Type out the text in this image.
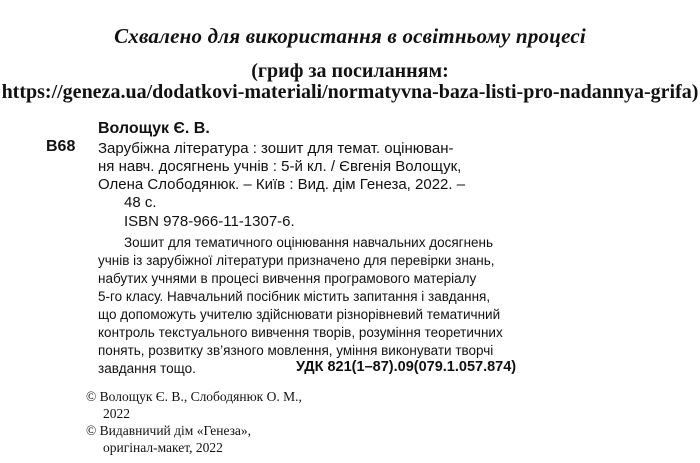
Схвалено для використання в освітньому процесі
(гриф за посиланням:
https://geneza.ua/dodatkovi-materiali/normatyvna-baza-listi-pro-nadannya-grifa)
Волощук Є. В.
В68 Зарубіжна література : зошит для темат. оцінюван-
ня навч. досягнень учнів : 5-й кл. / Євгенія Волощук,
Олена Слободянюк. – Київ : Вид. дім Генеза, 2022. –
48 с.
ISBN 978-966-11-1307-6.
Зошит для тематичного оцінювання навчальних досягнень
учнів із зарубіжної літератури призначено для перевірки знань,
набутих учнями в процесі вивчення програмового матеріалу
5-го класу. Навчальний посібник містить запитання і завдання,
що допоможуть учителю здійснювати різнорівневий тематичний
контроль текстуального вивчення творів, розуміння теоретичних
понять, розвитку зв’язного мовлення, уміння виконувати творчі
завдання тощо.	УДК 821(1–87).09(079.1.057.874)
© Волощук Є. В., Слободянюк О. М.,
2022
© Видавничий дім «Генеза»,
оригінал-макет, 2022
